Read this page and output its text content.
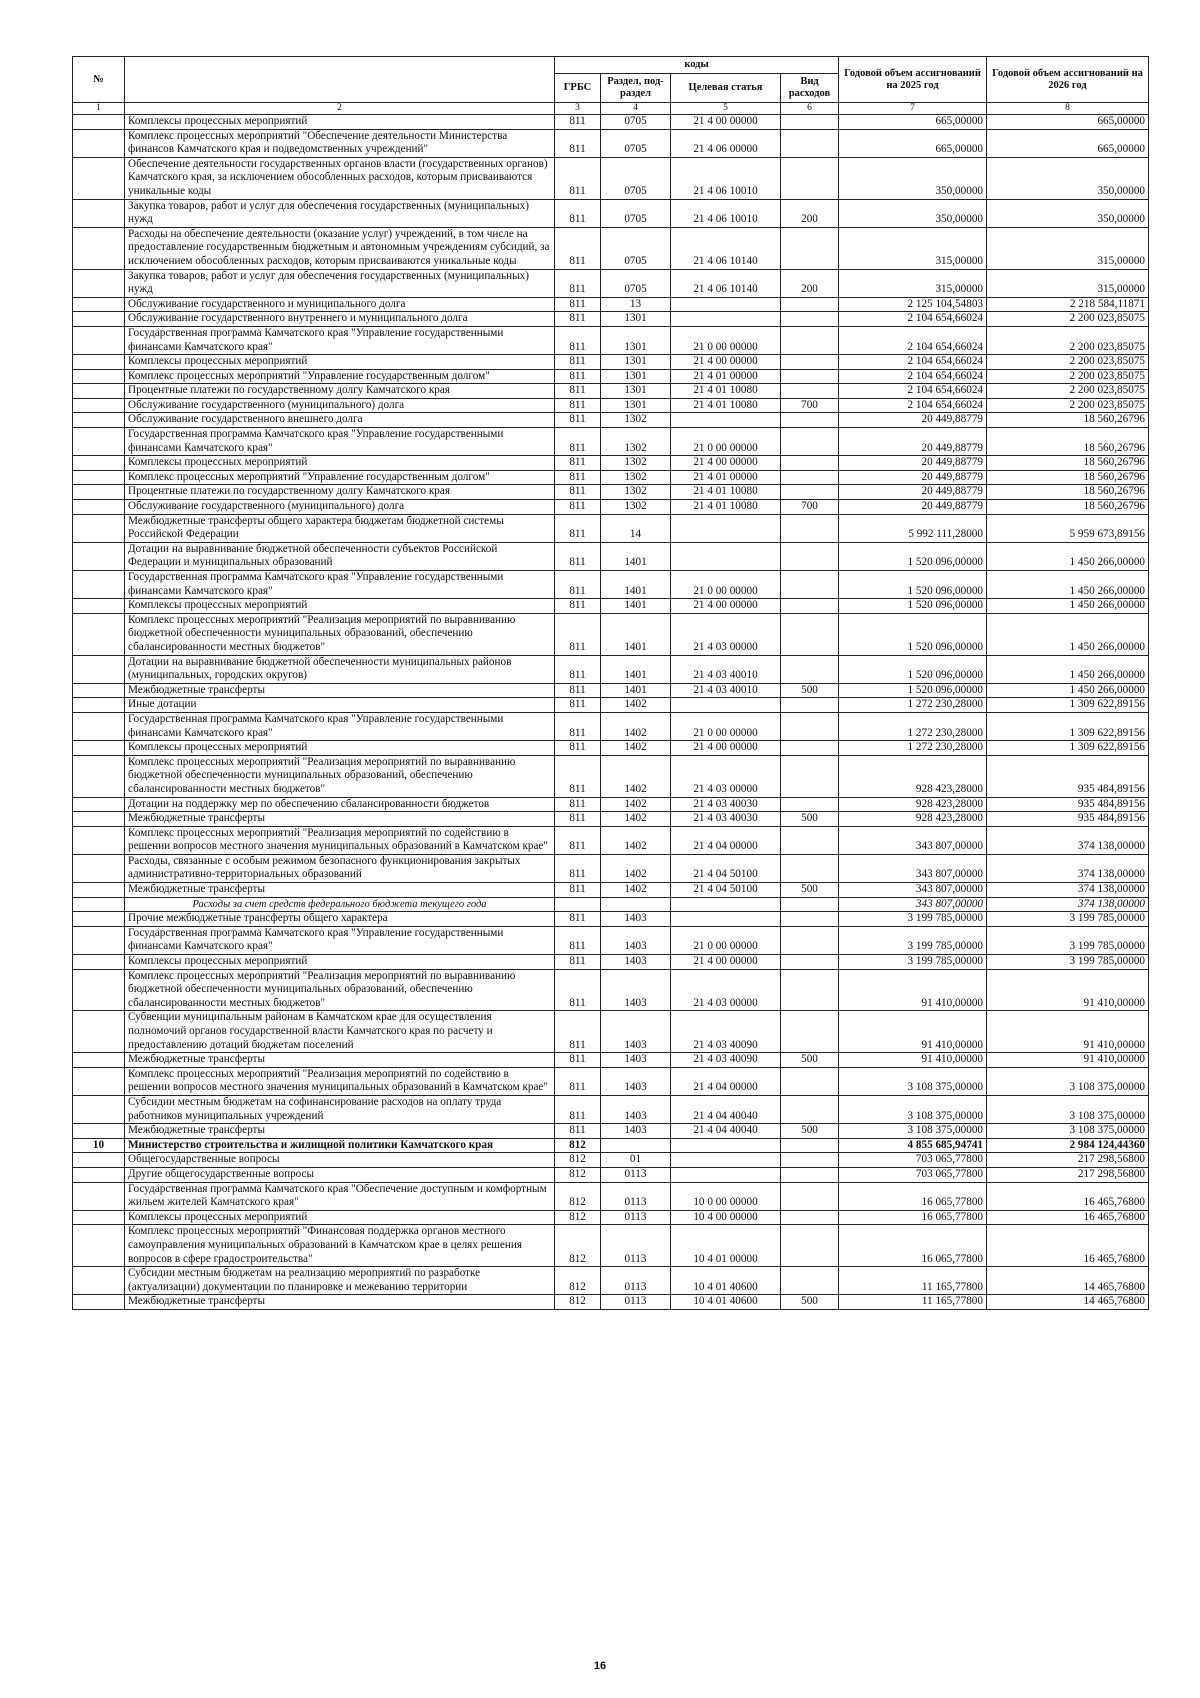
№		коды				Годовой объем ассигнований на 2025 год	Годовой объем ассигнований на 2026 год
		ГРБС	Раздел, под-раздел	Целевая статья	Вид расходов		
1	2	3	4	5	6	7	8
	Комплексы процессных мероприятий	811	0705	21 4 00 00000		665,00000	665,00000
	Комплекс процессных мероприятий "Обеспечение деятельности Министерства финансов Камчатского края и подведомственных учреждений"	811	0705	21 4 06 00000		665,00000	665,00000
	Обеспечение деятельности государственных органов власти (государственных органов) Камчатского края, за исключением обособленных расходов, которым присваиваются уникальные коды	811	0705	21 4 06 10010		350,00000	350,00000
	Закупка товаров, работ и услуг для обеспечения государственных (муниципальных) нужд	811	0705	21 4 06 10010	200	350,00000	350,00000
	Расходы на обеспечение деятельности (оказание услуг) учреждений, в том числе на предоставление государственным бюджетным и автономным учреждениям субсидий, за исключением обособленных расходов, которым присваиваются уникальные коды	811	0705	21 4 06 10140		315,00000	315,00000
	Закупка товаров, работ и услуг для обеспечения государственных (муниципальных) нужд	811	0705	21 4 06 10140	200	315,00000	315,00000
	Обслуживание государственного и муниципального долга	811	13			2 125 104,54803	2 218 584,11871
	Обслуживание государственного внутреннего и муниципального долга	811	1301			2 104 654,66024	2 200 023,85075
	Государственная программа Камчатского края "Управление государственными финансами Камчатского края"	811	1301	21 0 00 00000		2 104 654,66024	2 200 023,85075
	Комплексы процессных мероприятий	811	1301	21 4 00 00000		2 104 654,66024	2 200 023,85075
	Комплекс процессных мероприятий "Управление государственным долгом"	811	1301	21 4 01 00000		2 104 654,66024	2 200 023,85075
	Процентные платежи по государственному долгу Камчатского края	811	1301	21 4 01 10080		2 104 654,66024	2 200 023,85075
	Обслуживание государственного (муниципального) долга	811	1301	21 4 01 10080	700	2 104 654,66024	2 200 023,85075
	Обслуживание государственного внешнего долга	811	1302			20 449,88779	18 560,26796
	Государственная программа Камчатского края "Управление государственными финансами Камчатского края"	811	1302	21 0 00 00000		20 449,88779	18 560,26796
	Комплексы процессных мероприятий	811	1302	21 4 00 00000		20 449,88779	18 560,26796
	Комплекс процессных мероприятий "Управление государственным долгом"	811	1302	21 4 01 00000		20 449,88779	18 560,26796
	Процентные платежи по государственному долгу Камчатского края	811	1302	21 4 01 10080		20 449,88779	18 560,26796
	Обслуживание государственного (муниципального) долга	811	1302	21 4 01 10080	700	20 449,88779	18 560,26796
	Межбюджетные трансферты общего характера бюджетам бюджетной системы Российской Федерации	811	14			5 992 111,28000	5 959 673,89156
	Дотации на выравнивание бюджетной обеспеченности субъектов Российской Федерации и муниципальных образований	811	1401			1 520 096,00000	1 450 266,00000
	Государственная программа Камчатского края "Управление государственными финансами Камчатского края"	811	1401	21 0 00 00000		1 520 096,00000	1 450 266,00000
	Комплексы процессных мероприятий	811	1401	21 4 00 00000		1 520 096,00000	1 450 266,00000
	Комплекс процессных мероприятий "Реализация мероприятий по выравниванию бюджетной обеспеченности муниципальных образований, обеспечению сбалансированности местных бюджетов"	811	1401	21 4 03 00000		1 520 096,00000	1 450 266,00000
	Дотации на выравнивание бюджетной обеспеченности муниципальных районов (муниципальных, городских округов)	811	1401	21 4 03 40010		1 520 096,00000	1 450 266,00000
	Межбюджетные трансферты	811	1401	21 4 03 40010	500	1 520 096,00000	1 450 266,00000
	Иные дотации	811	1402			1 272 230,28000	1 309 622,89156
	Государственная программа Камчатского края "Управление государственными финансами Камчатского края"	811	1402	21 0 00 00000		1 272 230,28000	1 309 622,89156
	Комплексы процессных мероприятий	811	1402	21 4 00 00000		1 272 230,28000	1 309 622,89156
	Комплекс процессных мероприятий "Реализация мероприятий по выравниванию бюджетной обеспеченности муниципальных образований, обеспечению сбалансированности местных бюджетов"	811	1402	21 4 03 00000		928 423,28000	935 484,89156
	Дотации на поддержку мер по обеспечению сбалансированности бюджетов	811	1402	21 4 03 40030		928 423,28000	935 484,89156
	Межбюджетные трансферты	811	1402	21 4 03 40030	500	928 423,28000	935 484,89156
	Комплекс процессных мероприятий "Реализация мероприятий по содействию в решении вопросов местного значения муниципальных образований в Камчатском крае"	811	1402	21 4 04 00000		343 807,00000	374 138,00000
	Расходы, связанные с особым режимом безопасного функционирования закрытых административно-территориальных образований	811	1402	21 4 04 50100		343 807,00000	374 138,00000
	Межбюджетные трансферты	811	1402	21 4 04 50100	500	343 807,00000	374 138,00000
	Расходы за счет средств федерального бюджета текущего года					343 807,00000	374 138,00000
	Прочие межбюджетные трансферты общего характера	811	1403			3 199 785,00000	3 199 785,00000
	Государственная программа Камчатского края "Управление государственными финансами Камчатского края"	811	1403	21 0 00 00000		3 199 785,00000	3 199 785,00000
	Комплексы процессных мероприятий	811	1403	21 4 00 00000		3 199 785,00000	3 199 785,00000
	Комплекс процессных мероприятий "Реализация мероприятий по выравниванию бюджетной обеспеченности муниципальных образований, обеспечению сбалансированности местных бюджетов"	811	1403	21 4 03 00000		91 410,00000	91 410,00000
	Субвенции муниципальным районам в Камчатском крае для осуществления полномочий органов государственной власти Камчатского края по расчету и предоставлению дотаций бюджетам поселений	811	1403	21 4 03 40090		91 410,00000	91 410,00000
	Межбюджетные трансферты	811	1403	21 4 03 40090	500	91 410,00000	91 410,00000
	Комплекс процессных мероприятий "Реализация мероприятий по содействию в решении вопросов местного значения муниципальных образований в Камчатском крае"	811	1403	21 4 04 00000		3 108 375,00000	3 108 375,00000
	Субсидии местным бюджетам на софинансирование расходов на оплату труда работников муниципальных учреждений	811	1403	21 4 04 40040		3 108 375,00000	3 108 375,00000
	Межбюджетные трансферты	811	1403	21 4 04 40040	500	3 108 375,00000	3 108 375,00000
10	Министерство строительства и жилищной политики Камчатского края	812				4 855 685,94741	2 984 124,44360
	Общегосударственные вопросы	812	01			703 065,77800	217 298,56800
	Другие общегосударственные вопросы	812	0113			703 065,77800	217 298,56800
	Государственная программа Камчатского края "Обеспечение доступным и комфортным жильем жителей Камчатского края"	812	0113	10 0 00 00000		16 065,77800	16 465,76800
	Комплексы процессных мероприятий	812	0113	10 4 00 00000		16 065,77800	16 465,76800
	Комплекс процессных мероприятий "Финансовая поддержка органов местного самоуправления муниципальных образований в Камчатском крае в целях решения вопросов в сфере градостроительства"	812	0113	10 4 01 00000		16 065,77800	16 465,76800
	Субсидии местным бюджетам на реализацию мероприятий по разработке (актуализации) документации по планировке и межеванию территории	812	0113	10 4 01 40600		11 165,77800	14 465,76800
	Межбюджетные трансферты	812	0113	10 4 01 40600	500	11 165,77800	14 465,76800
16
